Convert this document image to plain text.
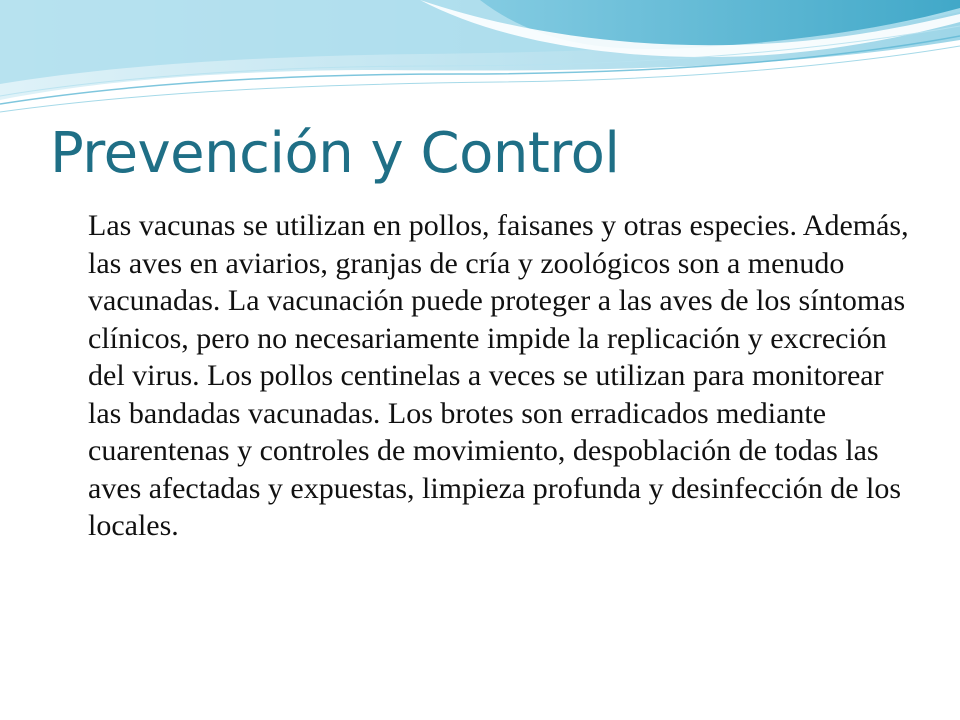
Prevención y Control

Las vacunas se utilizan en pollos, faisanes y otras especies. Además, las aves en aviarios, granjas de cría y zoológicos son a menudo vacunadas. La vacunación puede proteger a las aves de los síntomas clínicos, pero no necesariamente impide la replicación y excreción del virus. Los pollos centinelas a veces se utilizan para monitorear las bandadas vacunadas. Los brotes son erradicados mediante cuarentenas y controles de movimiento, despoblación de todas las aves afectadas y expuestas, limpieza profunda y desinfección de los locales.
